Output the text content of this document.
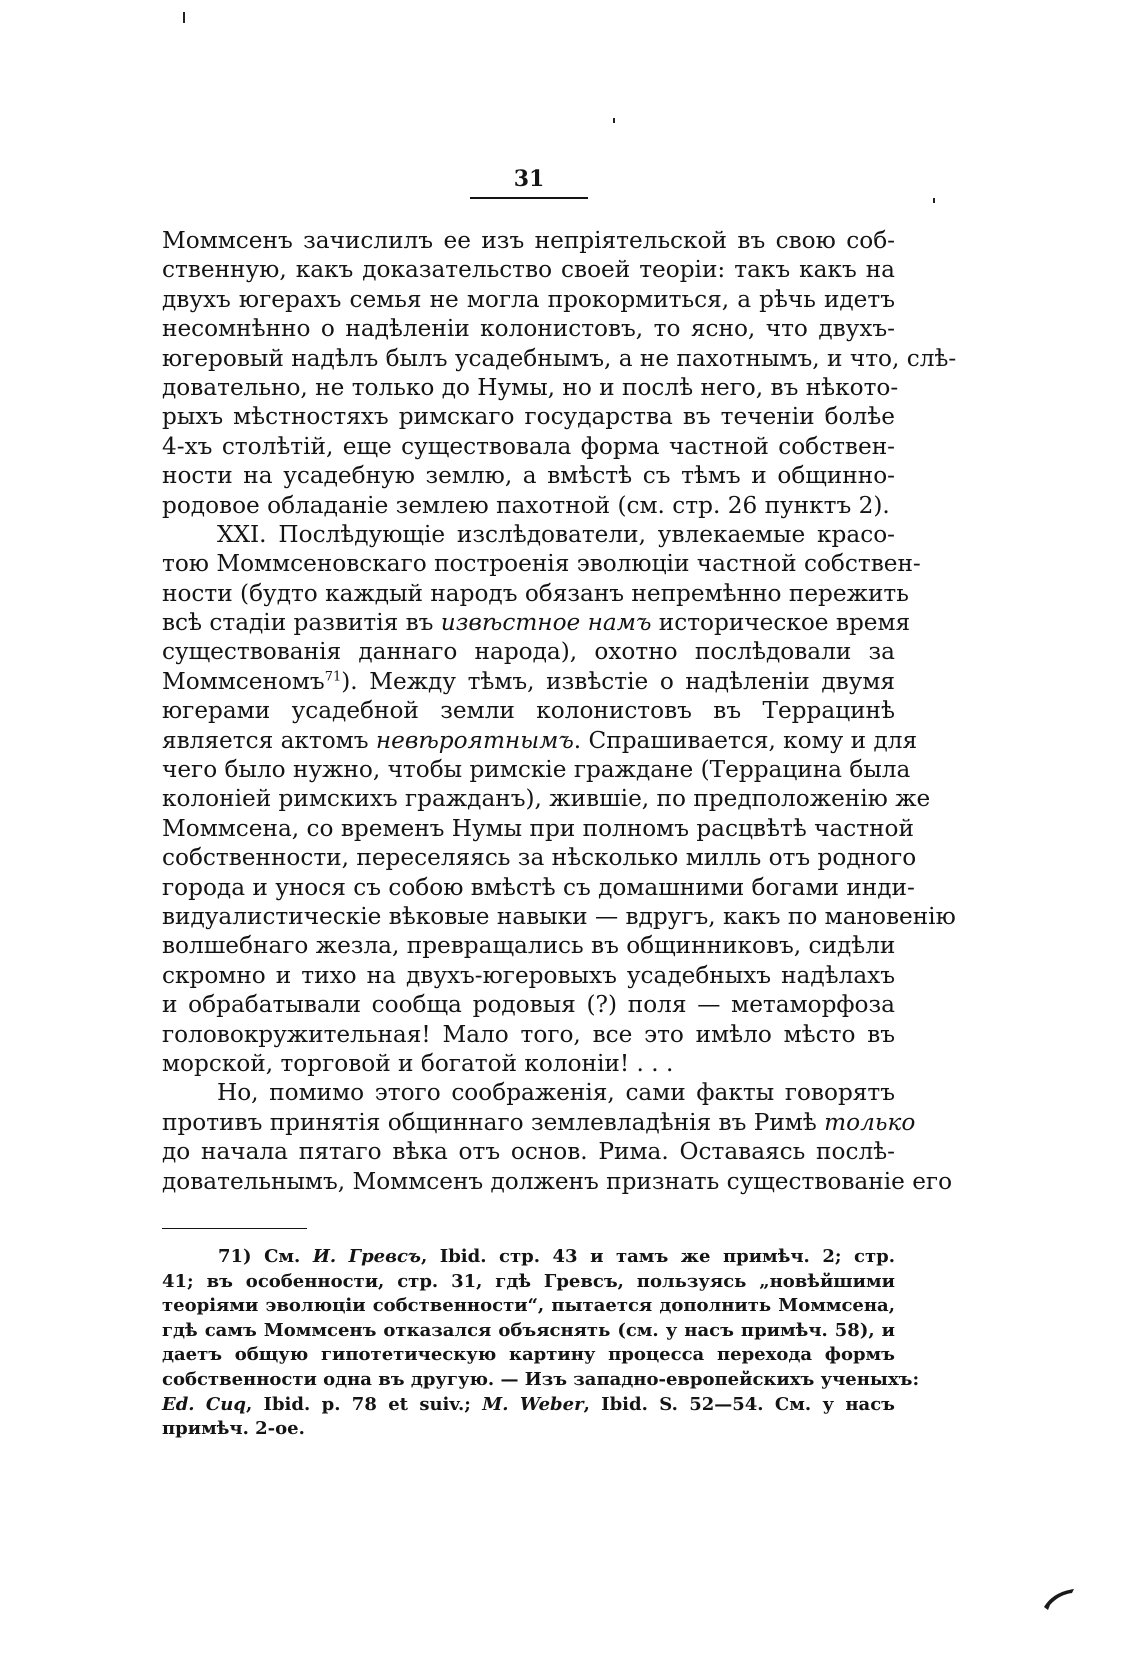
31
Моммсенъ зачислилъ ее изъ непріятельской въ свою соб-
ственную, какъ доказательство своей теоріи: такъ какъ на
двухъ югерахъ семья не могла прокормиться, а рѣчь идетъ
несомнѣнно о надѣленіи колонистовъ, то ясно, что двухъ-
югеровый надѣлъ былъ усадебнымъ, а не пахотнымъ, и что, слѣ-
довательно, не только до Нумы, но и послѣ него, въ нѣкото-
рыхъ мѣстностяхъ римскаго государства въ теченіи болѣе
4-хъ столѣтій, еще существовала форма частной собствен-
ности на усадебную землю, а вмѣстѣ съ тѣмъ и общинно-
родовое обладаніе землею пахотной (см. стр. 26 пунктъ 2).
XXI. Послѣдующіе изслѣдователи, увлекаемые красо-
тою Моммсеновскаго построенія эволюціи частной собствен-
ности (будто каждый народъ обязанъ непремѣнно пережить
всѣ стадіи развитія въ извѣстное намъ историческое время
существованія даннаго народа), охотно послѣдовали за
Моммсеномъ$^{71}$). Между тѣмъ, извѣстіе о надѣленіи двумя
югерами усадебной земли колонистовъ въ Террацинѣ
является актомъ невѣроятнымъ. Спрашивается, кому и для
чего было нужно, чтобы римскіе граждане (Террацина была
колоніей римскихъ гражданъ), жившіе, по предположенію же
Моммсена, со временъ Нумы при полномъ расцвѣтѣ частной
собственности, переселяясь за нѣсколько милль отъ родного
города и унося съ собою вмѣстѣ съ домашними богами инди-
видуалистическіе вѣковые навыки — вдругъ, какъ по мановенію
волшебнаго жезла, превращались въ общинниковъ, сидѣли
скромно и тихо на двухъ-югеровыхъ усадебныхъ надѣлахъ
и обрабатывали сообща родовыя (?) поля — метаморфоза
головокружительная! Мало того, все это имѣло мѣсто въ
морской, торговой и богатой колоніи! . . .
Но, помимо этого соображенія, сами факты говорятъ
противъ принятія общиннаго землевладѣнія въ Римѣ только
до начала пятаго вѣка отъ основ. Рима. Оставаясь послѣ-
довательнымъ, Моммсенъ долженъ признать существованіе его
71) См. И. Гревсъ, Ibid. стр. 43 и тамъ же примѣч. 2; стр.
41; въ особенности, стр. 31, гдѣ Гревсъ, пользуясь „новѣйшими
теоріями эволюціи собственности“, пытается дополнить Моммсена,
гдѣ самъ Моммсенъ отказался объяснять (см. у насъ примѣч. 58), и
даетъ общую гипотетическую картину процесса перехода формъ
собственности одна въ другую. — Изъ западно-европейскихъ ученыхъ:
Ed. Cuq, Ibid. p. 78 et suiv.; M. Weber, Ibid. S. 52—54. См. у насъ
примѣч. 2-ое.
